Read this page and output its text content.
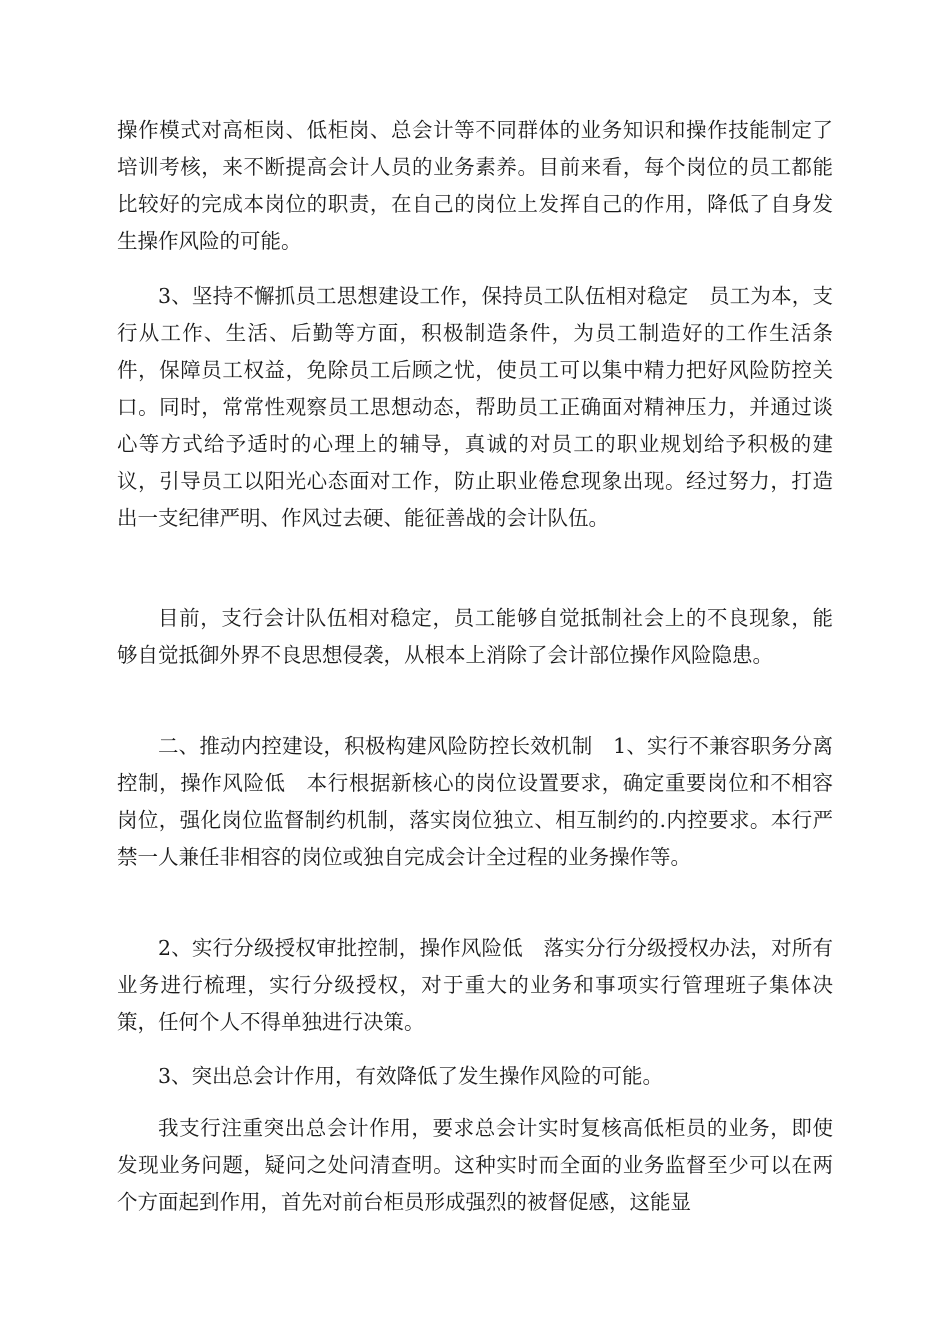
操作模式对高柜岗、低柜岗、总会计等不同群体的业务知识和操作技能制定了培训考核，来不断提高会计人员的业务素养。目前来看，每个岗位的员工都能比较好的完成本岗位的职责，在自己的岗位上发挥自己的作用，降低了自身发生操作风险的可能。

3、坚持不懈抓员工思想建设工作，保持员工队伍相对稳定　员工为本，支行从工作、生活、后勤等方面，积极制造条件，为员工制造好的工作生活条件，保障员工权益，免除员工后顾之忧，使员工可以集中精力把好风险防控关口。同时，常常性观察员工思想动态，帮助员工正确面对精神压力，并通过谈心等方式给予适时的心理上的辅导，真诚的对员工的职业规划给予积极的建议，引导员工以阳光心态面对工作，防止职业倦怠现象出现。经过努力，打造出一支纪律严明、作风过去硬、能征善战的会计队伍。

目前，支行会计队伍相对稳定，员工能够自觉抵制社会上的不良现象，能够自觉抵御外界不良思想侵袭，从根本上消除了会计部位操作风险隐患。

二、推动内控建设，积极构建风险防控长效机制　1、实行不兼容职务分离控制，操作风险低　本行根据新核心的岗位设置要求，确定重要岗位和不相容岗位，强化岗位监督制约机制，落实岗位独立、相互制约的.内控要求。本行严禁一人兼任非相容的岗位或独自完成会计全过程的业务操作等。

2、实行分级授权审批控制，操作风险低　落实分行分级授权办法，对所有业务进行梳理，实行分级授权，对于重大的业务和事项实行管理班子集体决策，任何个人不得单独进行决策。

3、突出总会计作用，有效降低了发生操作风险的可能。

我支行注重突出总会计作用，要求总会计实时复核高低柜员的业务，即使发现业务问题，疑问之处问清查明。这种实时而全面的业务监督至少可以在两个方面起到作用，首先对前台柜员形成强烈的被督促感，这能显
